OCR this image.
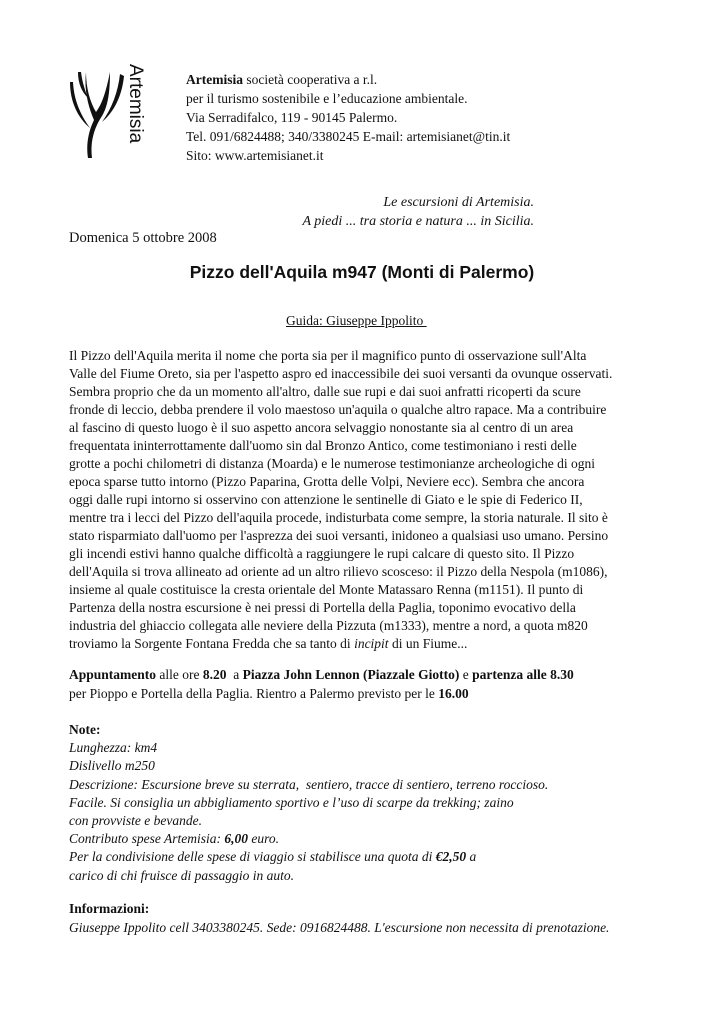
Artemisia	Artemisia società cooperativa a r.l.
per il turismo sostenibile e l’educazione ambientale.
Via Serradifalco, 119 - 90145 Palermo.
Tel. 091/6824488; 340/3380245 E-mail: artemisianet@tin.it
Sito: www.artemisianet.it
Le escursioni di Artemisia.
A piedi ... tra storia e natura ... in Sicilia.
Domenica 5 ottobre 2008
Pizzo dell'Aquila m947 (Monti di Palermo)
Guida: Giuseppe Ippolito
Il Pizzo dell'Aquila merita il nome che porta sia per il magnifico punto di osservazione sull'Alta
Valle del Fiume Oreto, sia per l'aspetto aspro ed inaccessibile dei suoi versanti da ovunque osservati.
Sembra proprio che da un momento all'altro, dalle sue rupi e dai suoi anfratti ricoperti da scure
fronde di leccio, debba prendere il volo maestoso un'aquila o qualche altro rapace. Ma a contribuire
al fascino di questo luogo è il suo aspetto ancora selvaggio nonostante sia al centro di un area
frequentata ininterrottamente dall'uomo sin dal Bronzo Antico, come testimoniano i resti delle
grotte a pochi chilometri di distanza (Moarda) e le numerose testimonianze archeologiche di ogni
epoca sparse tutto intorno (Pizzo Paparina, Grotta delle Volpi, Neviere ecc). Sembra che ancora
oggi dalle rupi intorno si osservino con attenzione le sentinelle di Giato e le spie di Federico II,
mentre tra i lecci del Pizzo dell'aquila procede, indisturbata come sempre, la storia naturale. Il sito è
stato risparmiato dall'uomo per l'asprezza dei suoi versanti, inidoneo a qualsiasi uso umano. Persino
gli incendi estivi hanno qualche difficoltà a raggiungere le rupi calcare di questo sito. Il Pizzo
dell'Aquila si trova allineato ad oriente ad un altro rilievo scosceso: il Pizzo della Nespola (m1086),
insieme al quale costituisce la cresta orientale del Monte Matassaro Renna (m1151). Il punto di
Partenza della nostra escursione è nei pressi di Portella della Paglia, toponimo evocativo della
industria del ghiaccio collegata alle neviere della Pizzuta (m1333), mentre a nord, a quota m820
troviamo la Sorgente Fontana Fredda che sa tanto di incipit di un Fiume...
Appuntamento alle ore 8.20  a Piazza John Lennon (Piazzale Giotto) e partenza alle 8.30
per Pioppo e Portella della Paglia. Rientro a Palermo previsto per le 16.00
Note:
Lunghezza: km4
Dislivello m250
Descrizione: Escursione breve su sterrata,  sentiero, tracce di sentiero, terreno roccioso.
Facile. Si consiglia un abbigliamento sportivo e l’uso di scarpe da trekking; zaino
con provviste e bevande.
Contributo spese Artemisia: 6,00 euro.
Per la condivisione delle spese di viaggio si stabilisce una quota di €2,50 a
carico di chi fruisce di passaggio in auto.
Informazioni:
Giuseppe Ippolito cell 3403380245. Sede: 0916824488. L'escursione non necessita di prenotazione.
